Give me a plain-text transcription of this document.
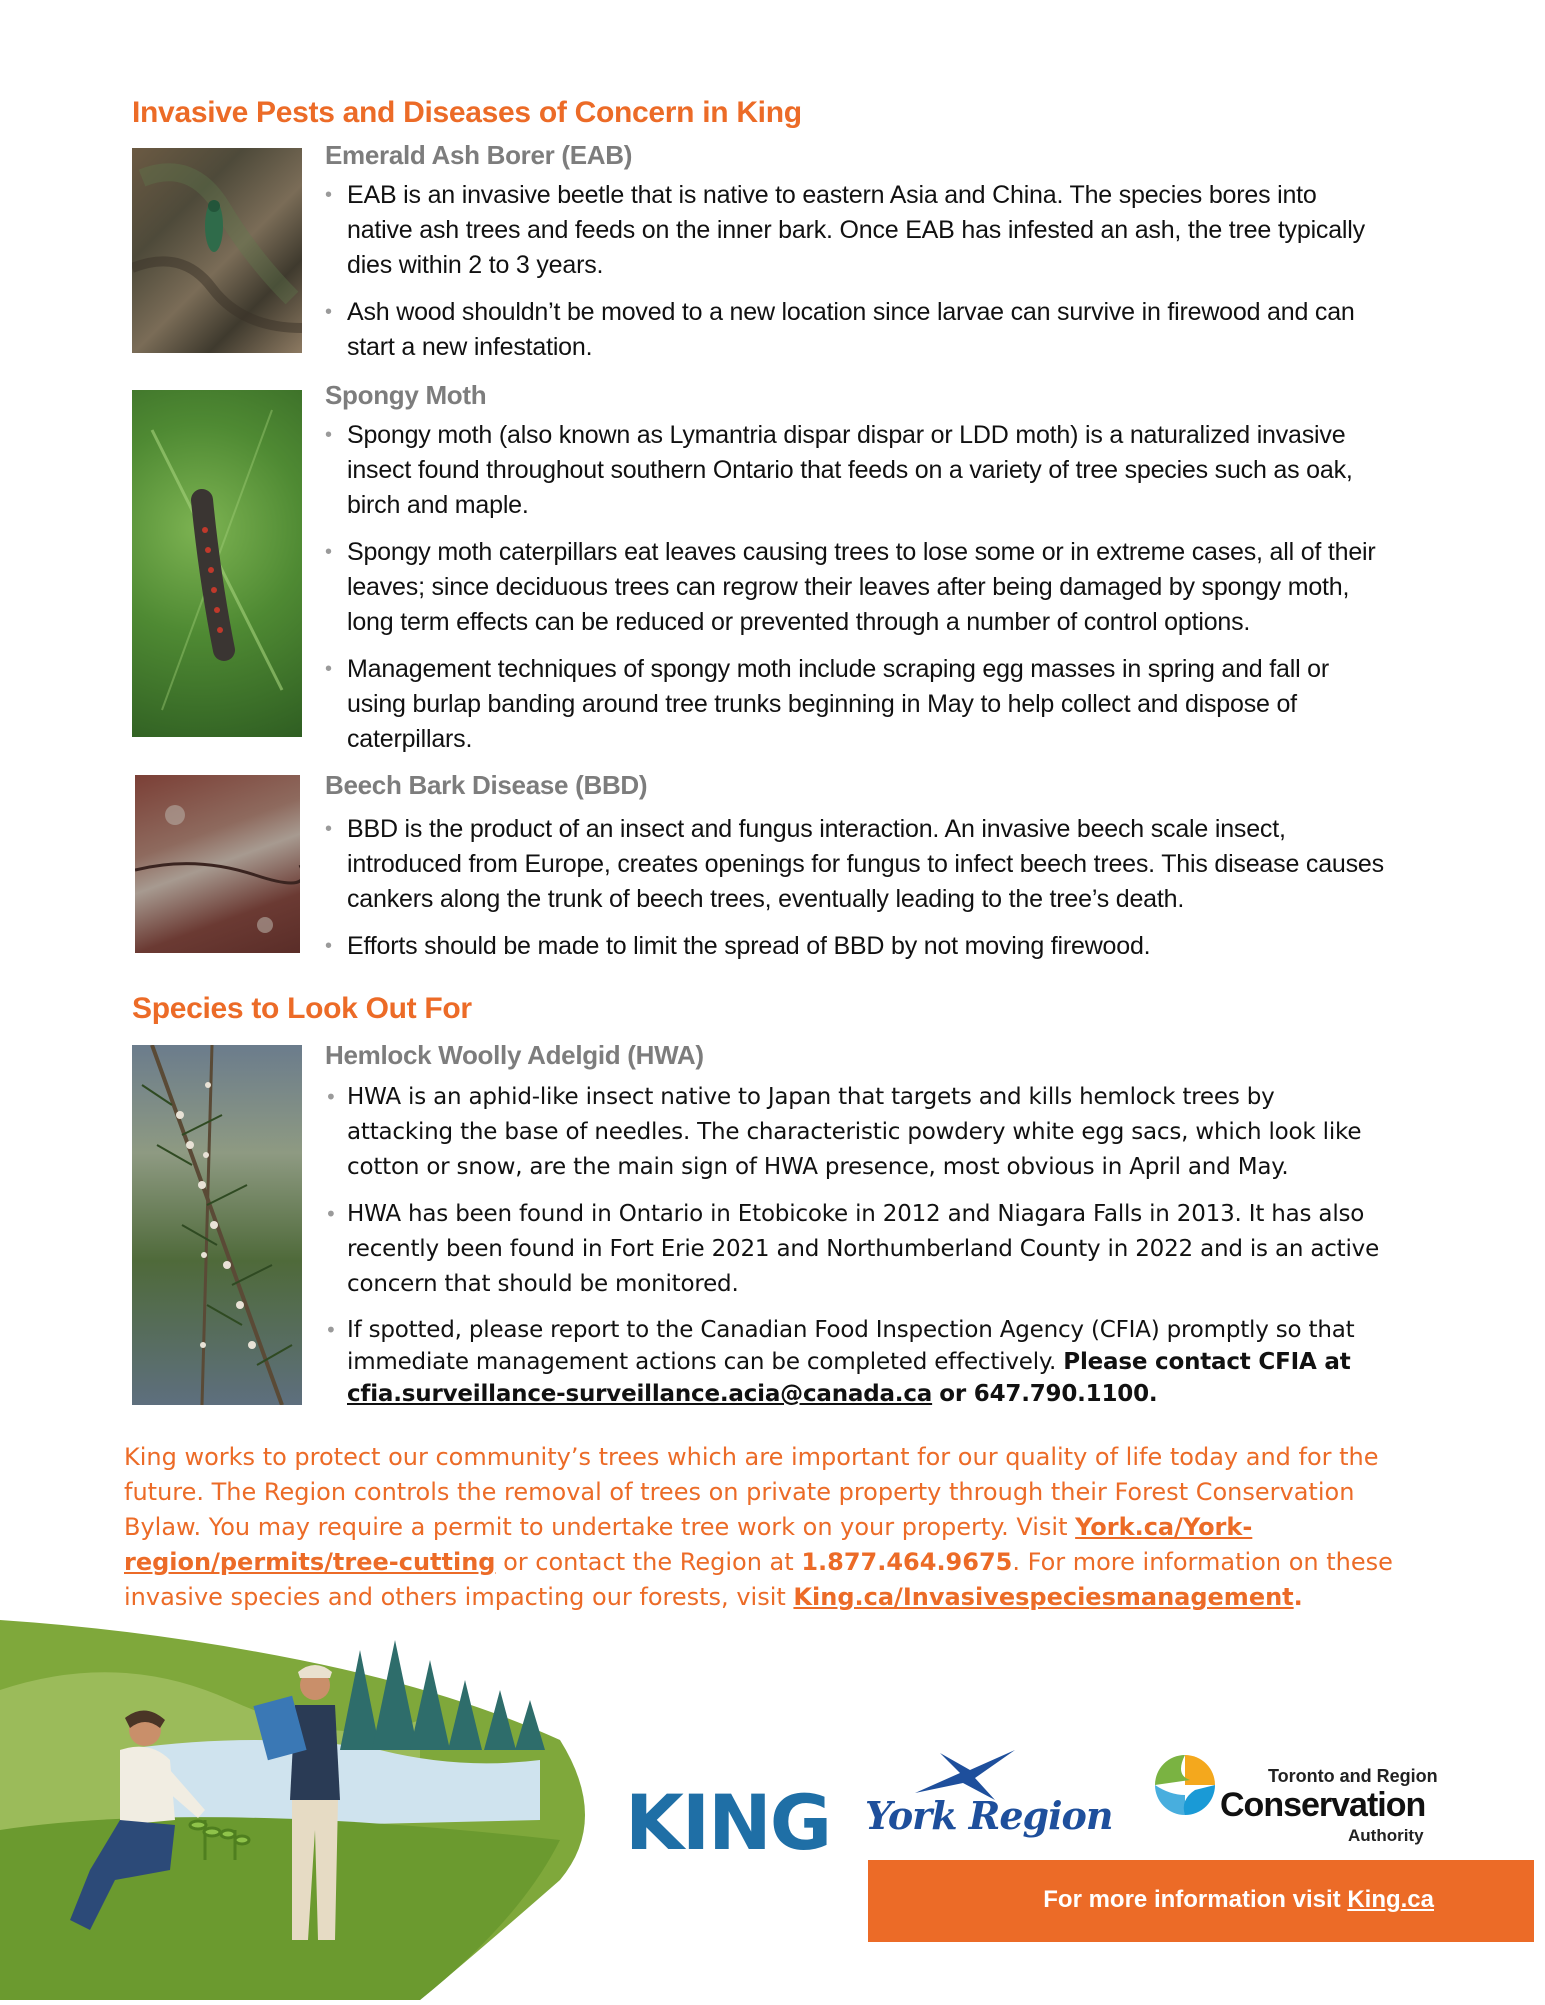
Invasive Pests and Diseases of Concern in King
Emerald Ash Borer (EAB)
• EAB is an invasive beetle that is native to eastern Asia and China. The species bores into native ash trees and feeds on the inner bark. Once EAB has infested an ash, the tree typically dies within 2 to 3 years.
• Ash wood shouldn’t be moved to a new location since larvae can survive in firewood and can start a new infestation.
Spongy Moth
• Spongy moth (also known as Lymantria dispar dispar or LDD moth) is a naturalized invasive insect found throughout southern Ontario that feeds on a variety of tree species such as oak, birch and maple.
• Spongy moth caterpillars eat leaves causing trees to lose some or in extreme cases, all of their leaves; since deciduous trees can regrow their leaves after being damaged by spongy moth, long term effects can be reduced or prevented through a number of control options.
• Management techniques of spongy moth include scraping egg masses in spring and fall or using burlap banding around tree trunks beginning in May to help collect and dispose of caterpillars.
Beech Bark Disease (BBD)
• BBD is the product of an insect and fungus interaction. An invasive beech scale insect, introduced from Europe, creates openings for fungus to infect beech trees. This disease causes cankers along the trunk of beech trees, eventually leading to the tree’s death.
• Efforts should be made to limit the spread of BBD by not moving firewood.
Species to Look Out For
Hemlock Woolly Adelgid (HWA)
• HWA is an aphid-like insect native to Japan that targets and kills hemlock trees by attacking the base of needles. The characteristic powdery white egg sacs, which look like cotton or snow, are the main sign of HWA presence, most obvious in April and May.
• HWA has been found in Ontario in Etobicoke in 2012 and Niagara Falls in 2013. It has also recently been found in Fort Erie 2021 and Northumberland County in 2022 and is an active concern that should be monitored.
• If spotted, please report to the Canadian Food Inspection Agency (CFIA) promptly so that immediate management actions can be completed effectively. Please contact CFIA at cfia.surveillance-surveillance.acia@canada.ca or 647.790.1100.
King works to protect our community’s trees which are important for our quality of life today and for the future. The Region controls the removal of trees on private property through their Forest Conservation Bylaw. You may require a permit to undertake tree work on your property. Visit York.ca/York-region/permits/tree-cutting or contact the Region at 1.877.464.9675. For more information on these invasive species and others impacting our forests, visit King.ca/Invasivespeciesmanagement.
KING York Region
Toronto and Region
Conservation
Authority
For more information visit King.ca
